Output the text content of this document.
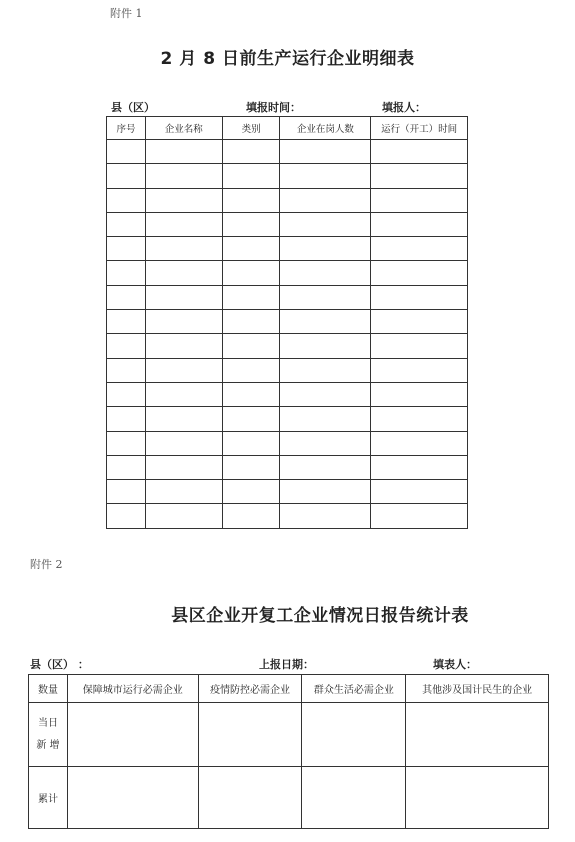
附件 1
2 月 8 日前生产运行企业明细表
县（区）	填报时间：	填报人：
序号	企业名称	类别	企业在岗人数	运行（开工）时间

附件 2
县区企业开复工企业情况日报告统计表
县（区） ：	上报日期：	填表人：
数量	保障城市运行必需企业	疫情防控必需企业	群众生活必需企业	其他涉及国计民生的企业

当日
新 增				

累计				
